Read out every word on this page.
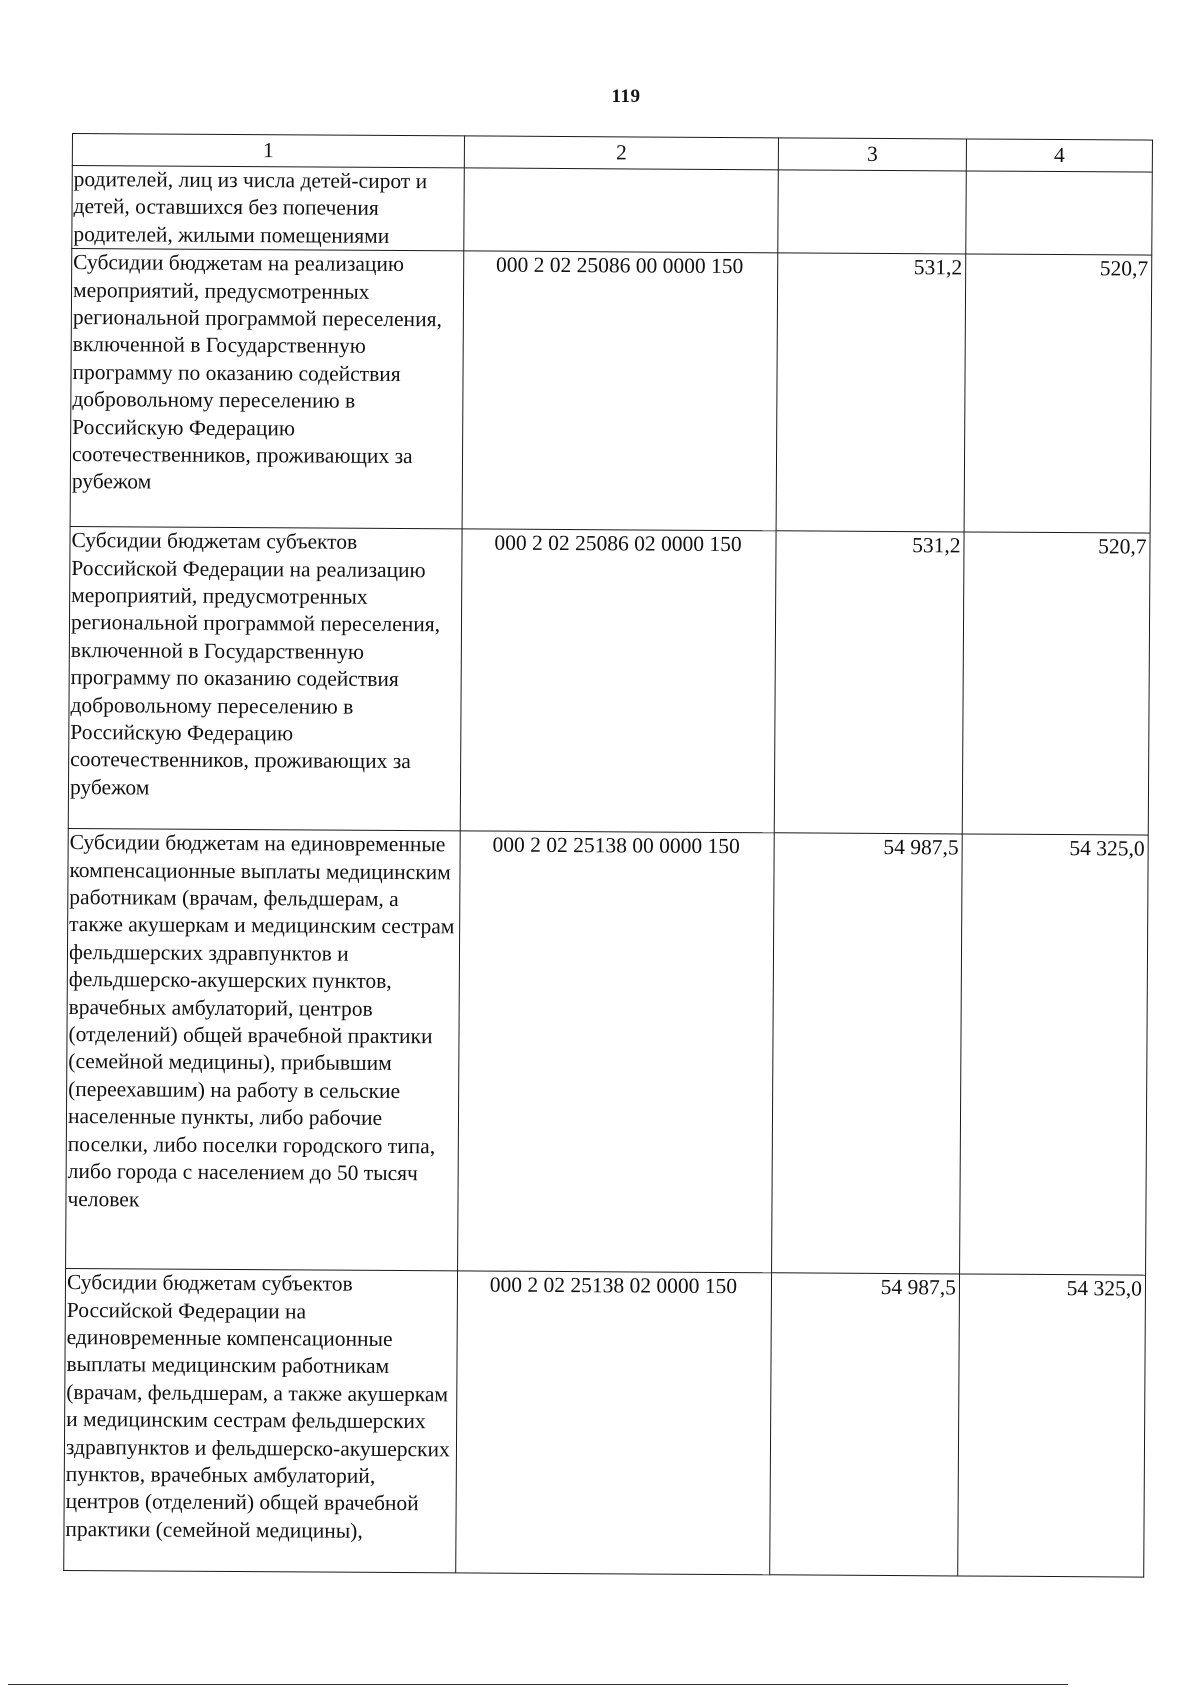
119
1	2	3	4
родителей, лиц из числа детей-сирот и детей, оставшихся без попечения родителей, жилыми помещениями			
Субсидии бюджетам на реализацию мероприятий, предусмотренных региональной программой переселения, включенной в Государственную программу по оказанию содействия добровольному переселению в Российскую Федерацию соотечественников, проживающих за рубежом	000 2 02 25086 00 0000 150	531,2	520,7
Субсидии бюджетам субъектов Российской Федерации на реализацию мероприятий, предусмотренных региональной программой переселения, включенной в Государственную программу по оказанию содействия добровольному переселению в Российскую Федерацию соотечественников, проживающих за рубежом	000 2 02 25086 02 0000 150	531,2	520,7
Субсидии бюджетам на единовременные компенсационные выплаты медицинским работникам (врачам, фельдшерам, а также акушеркам и медицинским сестрам фельдшерских здравпунктов и фельдшерско-акушерских пунктов, врачебных амбулаторий, центров (отделений) общей врачебной практики (семейной медицины), прибывшим (переехавшим) на работу в сельские населенные пункты, либо рабочие поселки, либо поселки городского типа, либо города с населением до 50 тысяч человек	000 2 02 25138 00 0000 150	54 987,5	54 325,0
Субсидии бюджетам субъектов Российской Федерации на единовременные компенсационные выплаты медицинским работникам (врачам, фельдшерам, а также акушеркам и медицинским сестрам фельдшерских здравпунктов и фельдшерско-акушерских пунктов, врачебных амбулаторий, центров (отделений) общей врачебной практики (семейной медицины),	000 2 02 25138 02 0000 150	54 987,5	54 325,0
